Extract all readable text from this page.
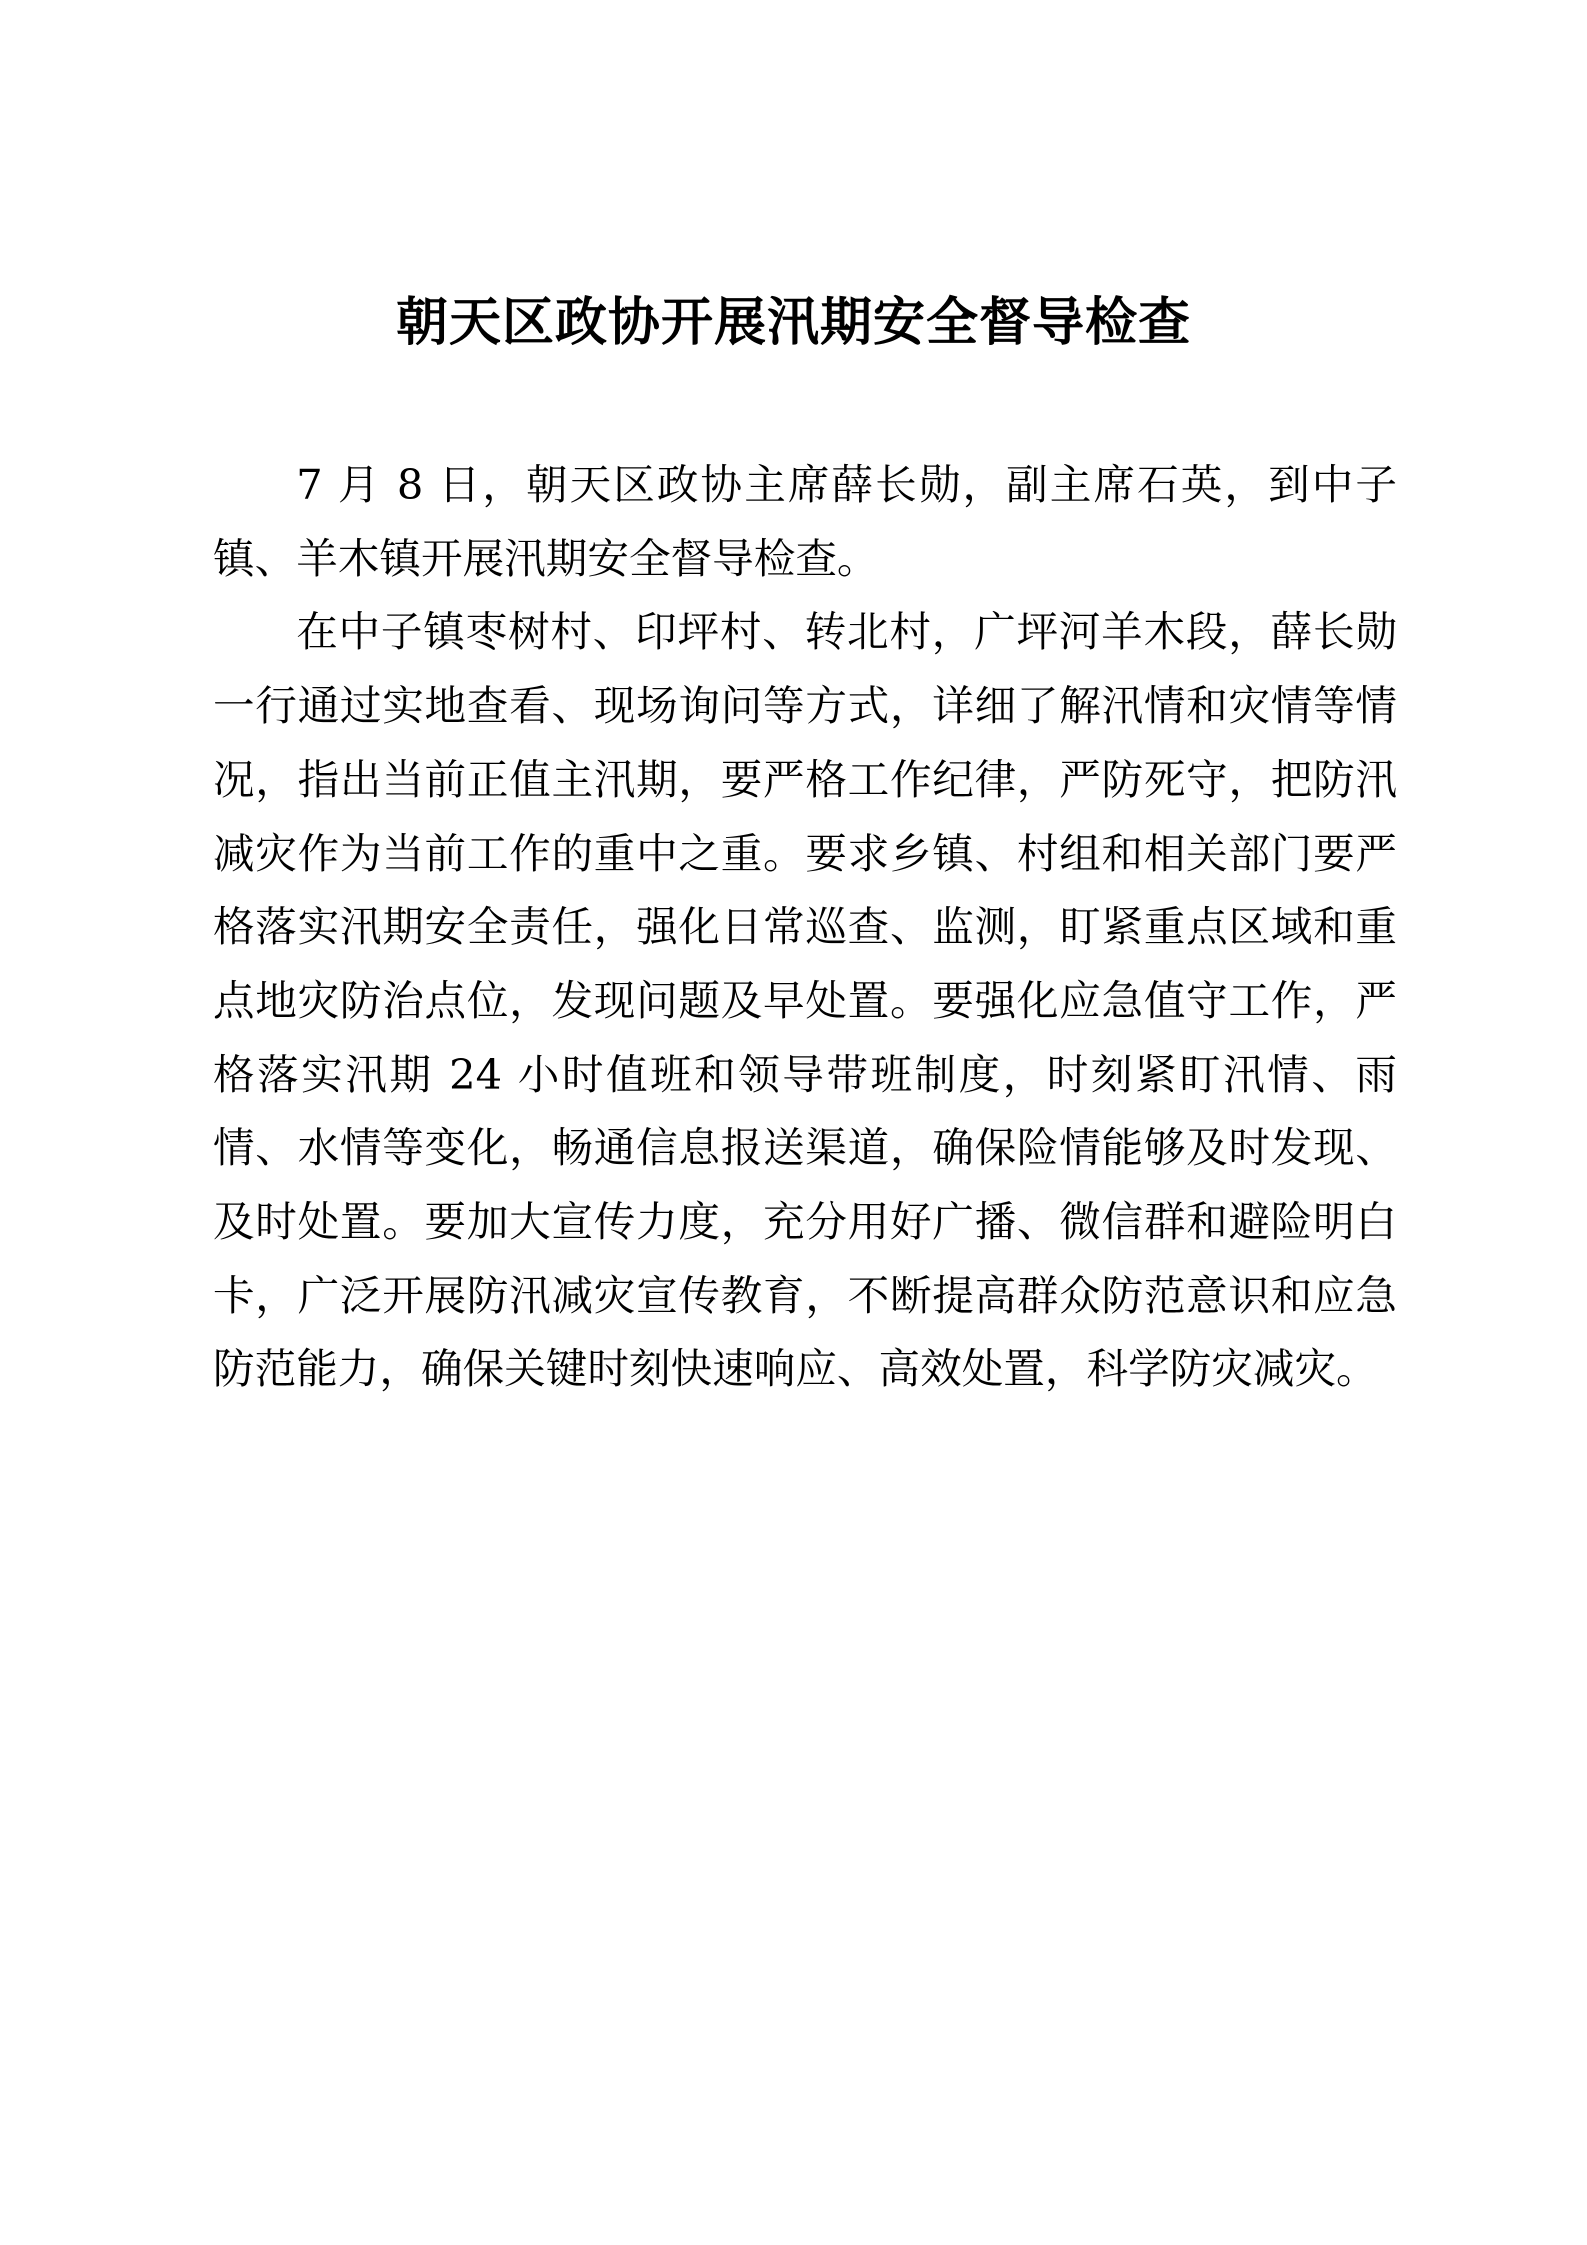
朝天区政协开展汛期安全督导检查

7 月 8 日，朝天区政协主席薛长勋，副主席石英，到中子镇、羊木镇开展汛期安全督导检查。

在中子镇枣树村、印坪村、转北村，广坪河羊木段，薛长勋一行通过实地查看、现场询问等方式，详细了解汛情和灾情等情况，指出当前正值主汛期，要严格工作纪律，严防死守，把防汛减灾作为当前工作的重中之重。要求乡镇、村组和相关部门要严格落实汛期安全责任，强化日常巡查、监测，盯紧重点区域和重点地灾防治点位，发现问题及早处置。要强化应急值守工作，严格落实汛期 24 小时值班和领导带班制度，时刻紧盯汛情、雨情、水情等变化，畅通信息报送渠道，确保险情能够及时发现、及时处置。要加大宣传力度，充分用好广播、微信群和避险明白卡，广泛开展防汛减灾宣传教育，不断提高群众防范意识和应急防范能力，确保关键时刻快速响应、高效处置，科学防灾减灾。
